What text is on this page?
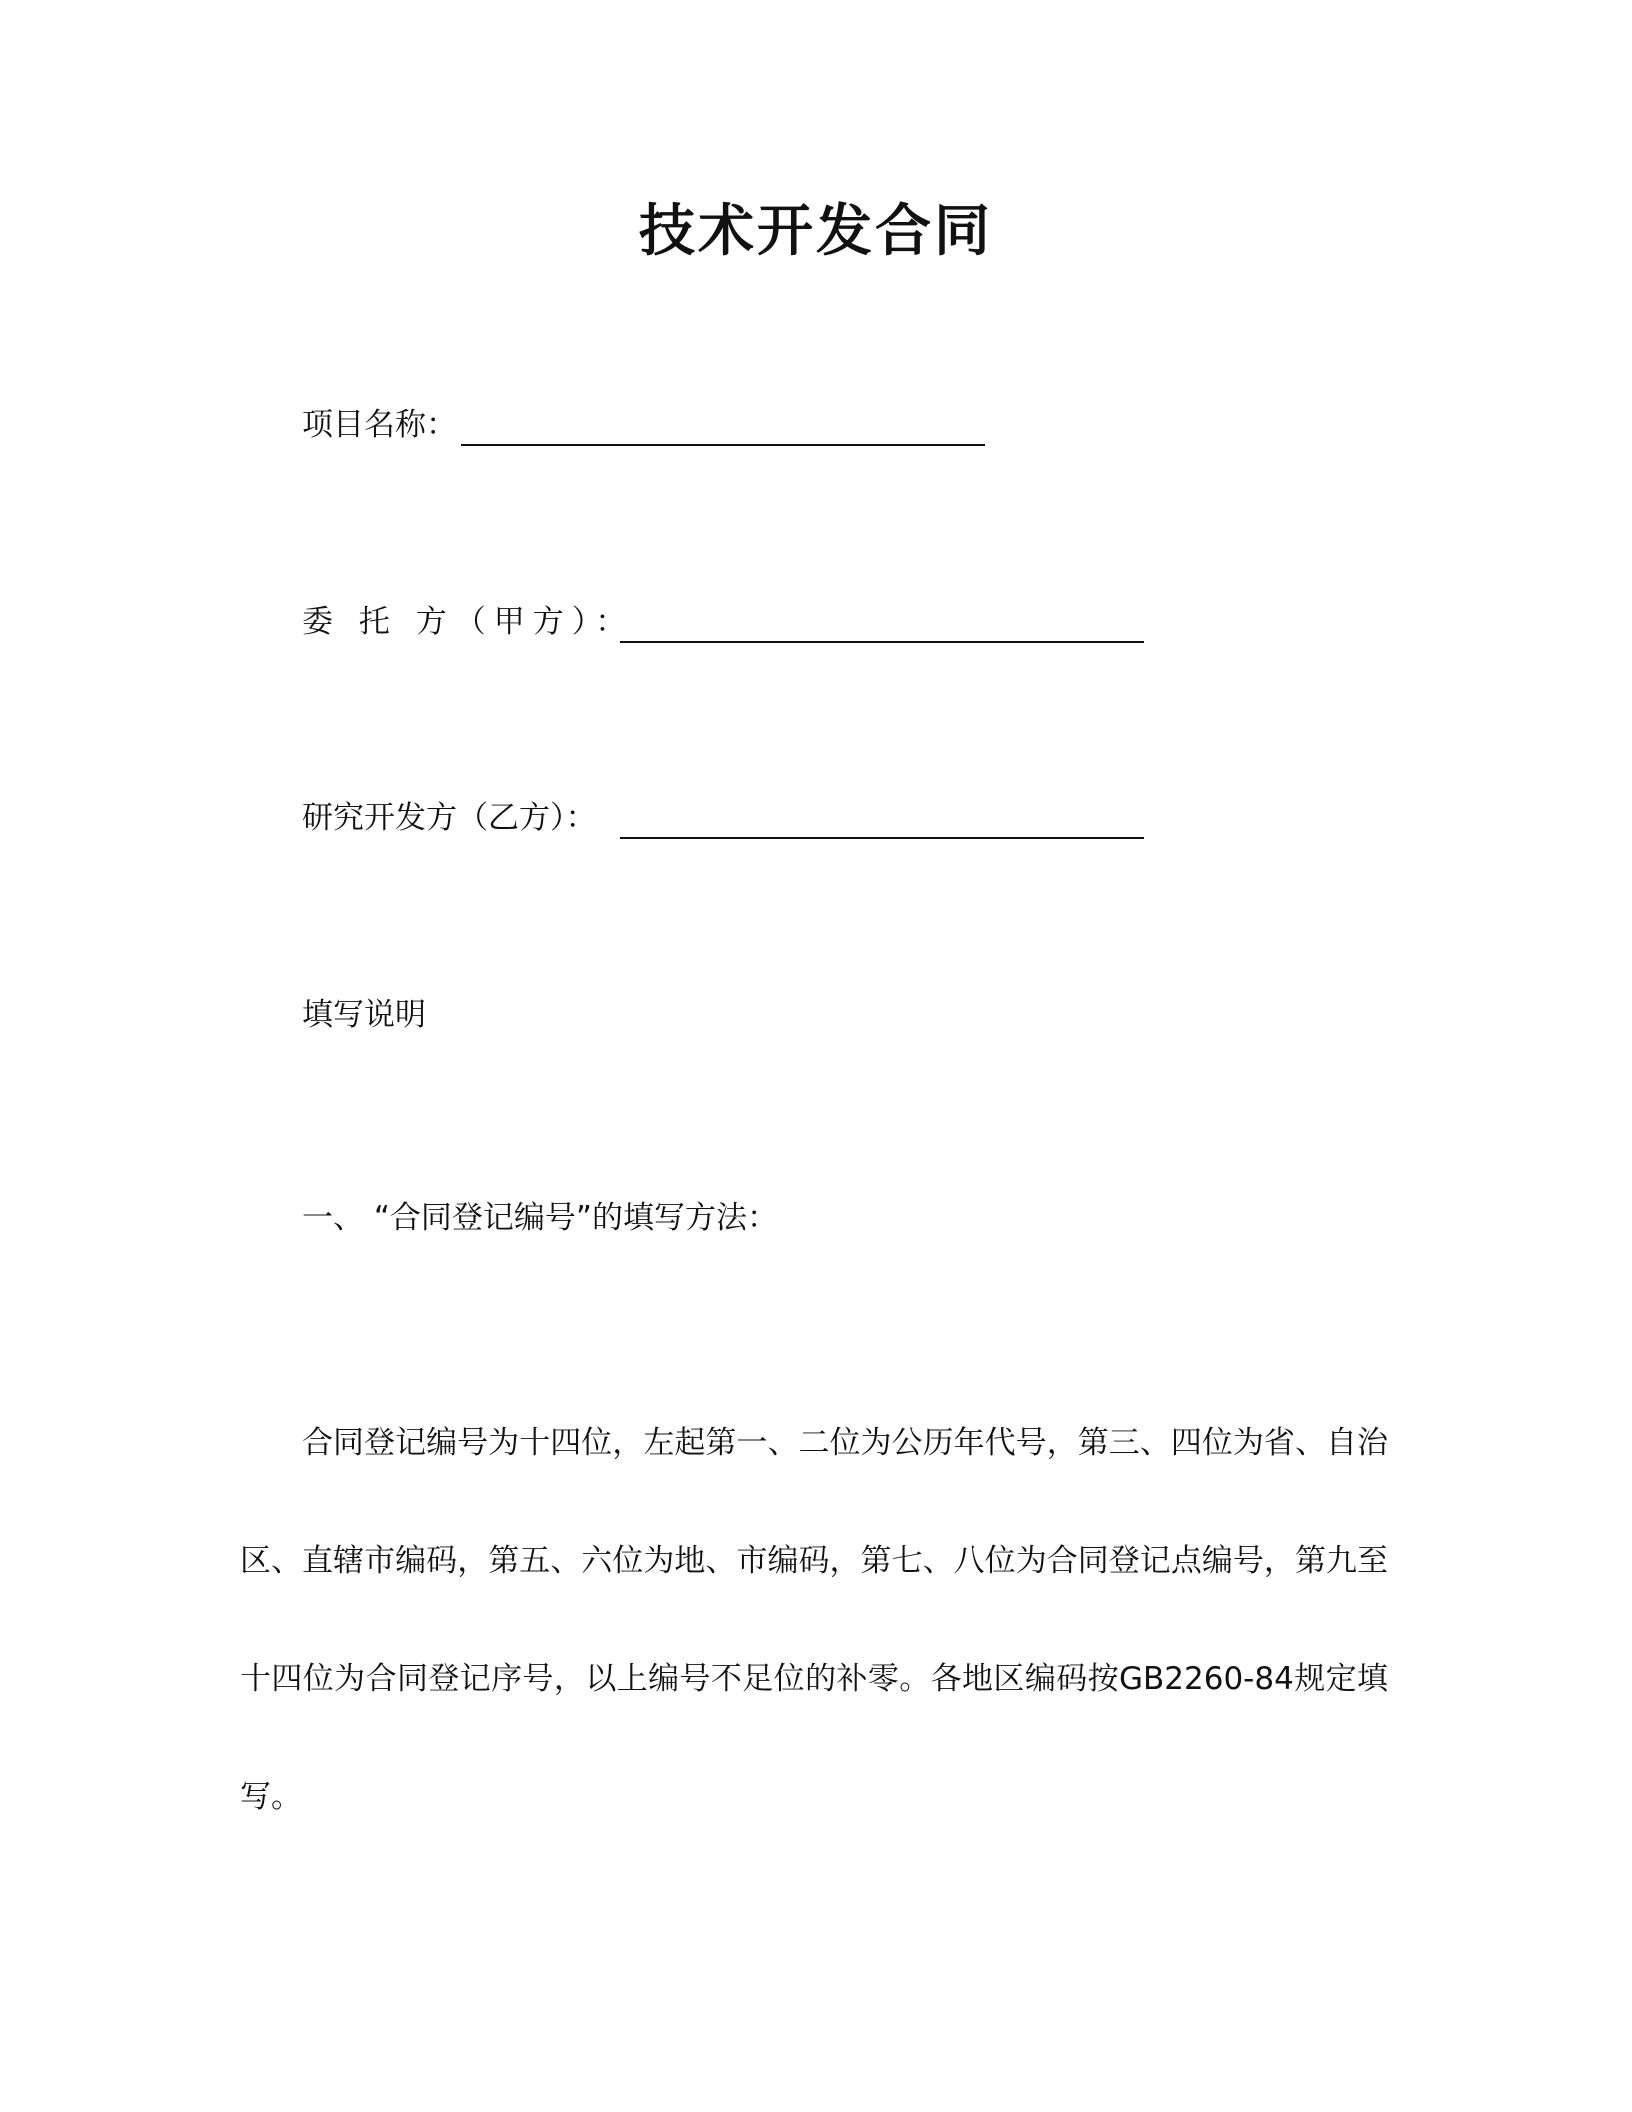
技术开发合同
项目名称：
委 托 方（甲方）：
研究开发方（乙方）：
填写说明
一、 “合同登记编号”的填写方法：

合同登记编号为十四位，左起第一、二位为公历年代号，第三、四位为省、自治区、直辖市编码，第五、六位为地、市编码，第七、八位为合同登记点编号，第九至十四位为合同登记序号，以上编号不足位的补零。各地区编码按GB2260-84规定填写。
